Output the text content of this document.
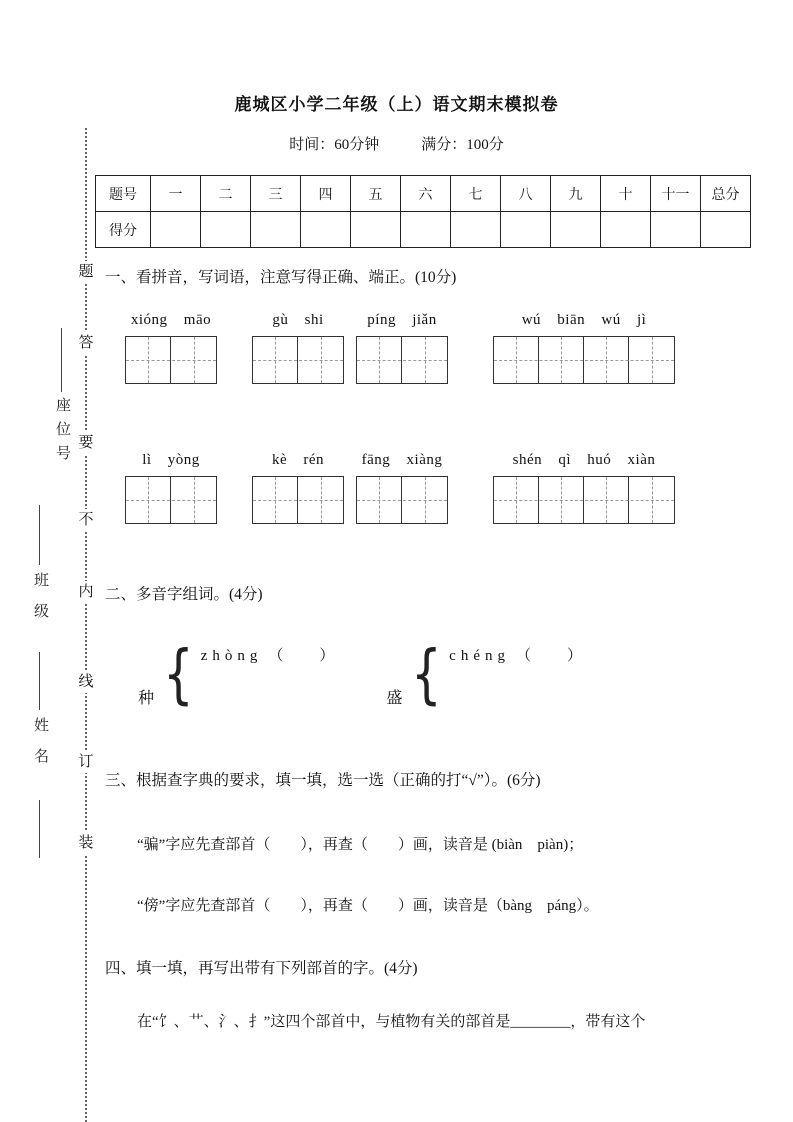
座位号
班级
姓名
鹿城区小学二年级（上）语文期末模拟卷
时间：60分钟	满分：100分
题号	一	二	三	四	五	六	七	八	九	十	十一	总分
得分												
一、看拼音，写词语，注意写得正确、端正。(10分)
xióng māo	gù shi	píng jiǎn	wú biān wú jì
lì yòng	kè rén	fāng xiàng	shén qì huó xiàn
二、多音字组词。(4分)
种 { zhòng （　　）
盛 { chéng （　　）
三、根据查字典的要求，填一填，选一选（正确的打“√”）。(6分)
“骗”字应先查部首（　　），再查（　　）画，读音是 (biàn　piàn)；
“傍”字应先查部首（　　），再查（　　）画，读音是（bàng　páng）。
四、填一填，再写出带有下列部首的字。(4分)
在“饣、艹、氵、扌”这四个部首中，与植物有关的部首是________，带有这个
题
答
要
不
内
线
订
装
